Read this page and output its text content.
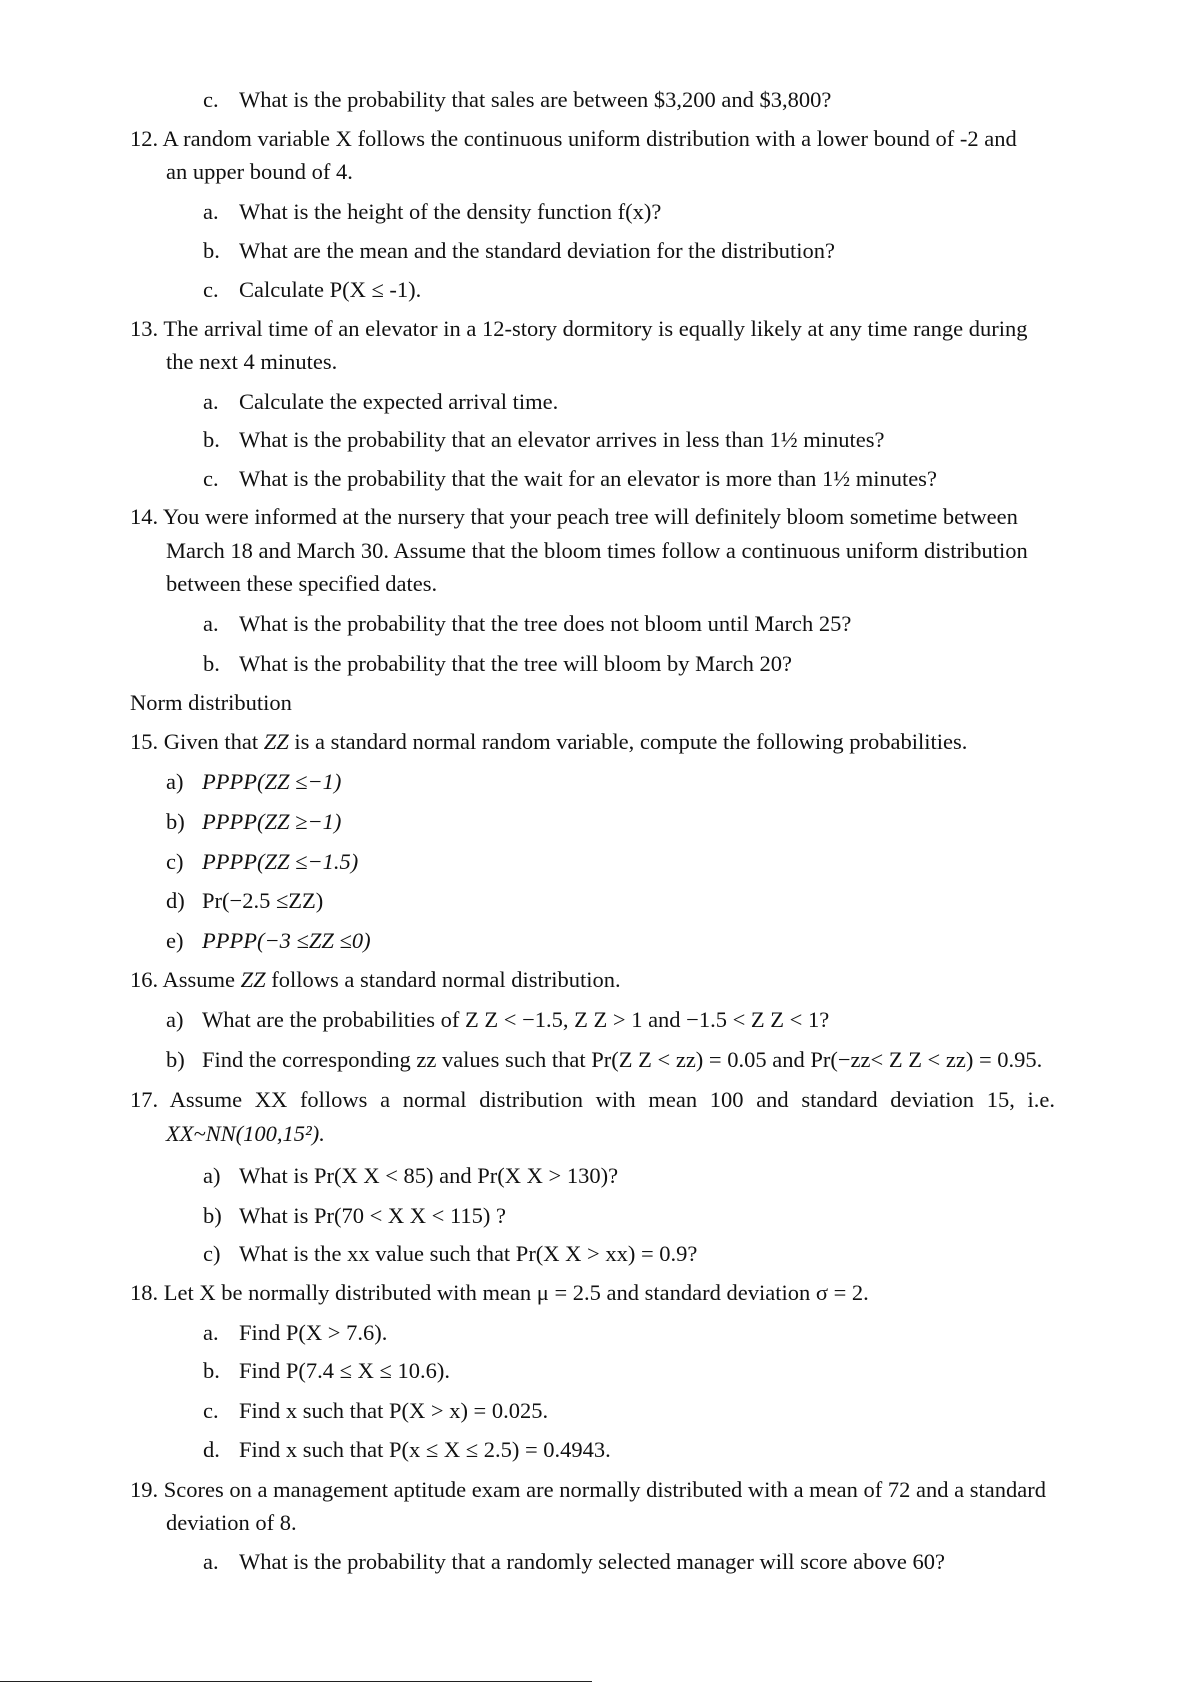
c. What is the probability that sales are between $3,200 and $3,800?
12. A random variable X follows the continuous uniform distribution with a lower bound of -2 and
an upper bound of 4.
a. What is the height of the density function f(x)?
b. What are the mean and the standard deviation for the distribution?
c. Calculate P(X ≤ -1).
13. The arrival time of an elevator in a 12-story dormitory is equally likely at any time range during
the next 4 minutes.
a. Calculate the expected arrival time.
b. What is the probability that an elevator arrives in less than 1½ minutes?
c. What is the probability that the wait for an elevator is more than 1½ minutes?
14. You were informed at the nursery that your peach tree will definitely bloom sometime between
March 18 and March 30. Assume that the bloom times follow a continuous uniform distribution
between these specified dates.
a. What is the probability that the tree does not bloom until March 25?
b. What is the probability that the tree will bloom by March 20?
Norm distribution
15. Given that ZZ is a standard normal random variable, compute the following probabilities.
a) PPPP(ZZ ≤−1)
b) PPPP(ZZ ≥−1)
c) PPPP(ZZ ≤−1.5)
d) Pr(−2.5 ≤ZZ)
e) PPPP(−3 ≤ZZ ≤0)
16. Assume ZZ follows a standard normal distribution.
a) What are the probabilities of Z Z < −1.5, Z Z > 1 and −1.5 < Z Z < 1?
b) Find the corresponding zz values such that Pr(Z Z < zz) = 0.05 and Pr(−zz< Z Z < zz) = 0.95.
17. Assume XX follows a normal distribution with mean 100 and standard deviation 15, i.e.
XX~NN(100,15²).
a) What is Pr(X X < 85) and Pr(X X > 130)?
b) What is Pr(70 < X X < 115) ?
c) What is the xx value such that Pr(X X > xx) = 0.9?
18. Let X be normally distributed with mean μ = 2.5 and standard deviation σ = 2.
a. Find P(X > 7.6).
b. Find P(7.4 ≤ X ≤ 10.6).
c. Find x such that P(X > x) = 0.025.
d. Find x such that P(x ≤ X ≤ 2.5) = 0.4943.
19. Scores on a management aptitude exam are normally distributed with a mean of 72 and a standard
deviation of 8.
a. What is the probability that a randomly selected manager will score above 60?
